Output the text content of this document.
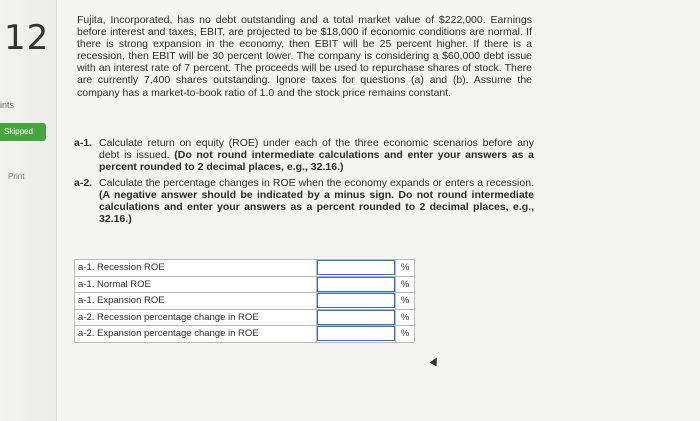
12
ints
Skipped
Print
Fujita, Incorporated, has no debt outstanding and a total market value of $222,000. Earnings before interest and taxes, EBIT, are projected to be $18,000 if economic conditions are normal. If there is strong expansion in the economy, then EBIT will be 25 percent higher. If there is a recession, then EBIT will be 30 percent lower. The company is considering a $60,000 debt issue with an interest rate of 7 percent. The proceeds will be used to repurchase shares of stock. There are currently 7,400 shares outstanding. Ignore taxes for questions (a) and (b). Assume the company has a market-to-book ratio of 1.0 and the stock price remains constant.
a-1. Calculate return on equity (ROE) under each of the three economic scenarios before any debt is issued. (Do not round intermediate calculations and enter your answers as a percent rounded to 2 decimal places, e.g., 32.16.)
a-2. Calculate the percentage changes in ROE when the economy expands or enters a recession. (A negative answer should be indicated by a minus sign. Do not round intermediate calculations and enter your answers as a percent rounded to 2 decimal places, e.g., 32.16.)
a-1. Recession ROE		%
a-1. Normal ROE		%
a-1. Expansion ROE		%
a-2. Recession percentage change in ROE		%
a-2. Expansion percentage change in ROE		%
